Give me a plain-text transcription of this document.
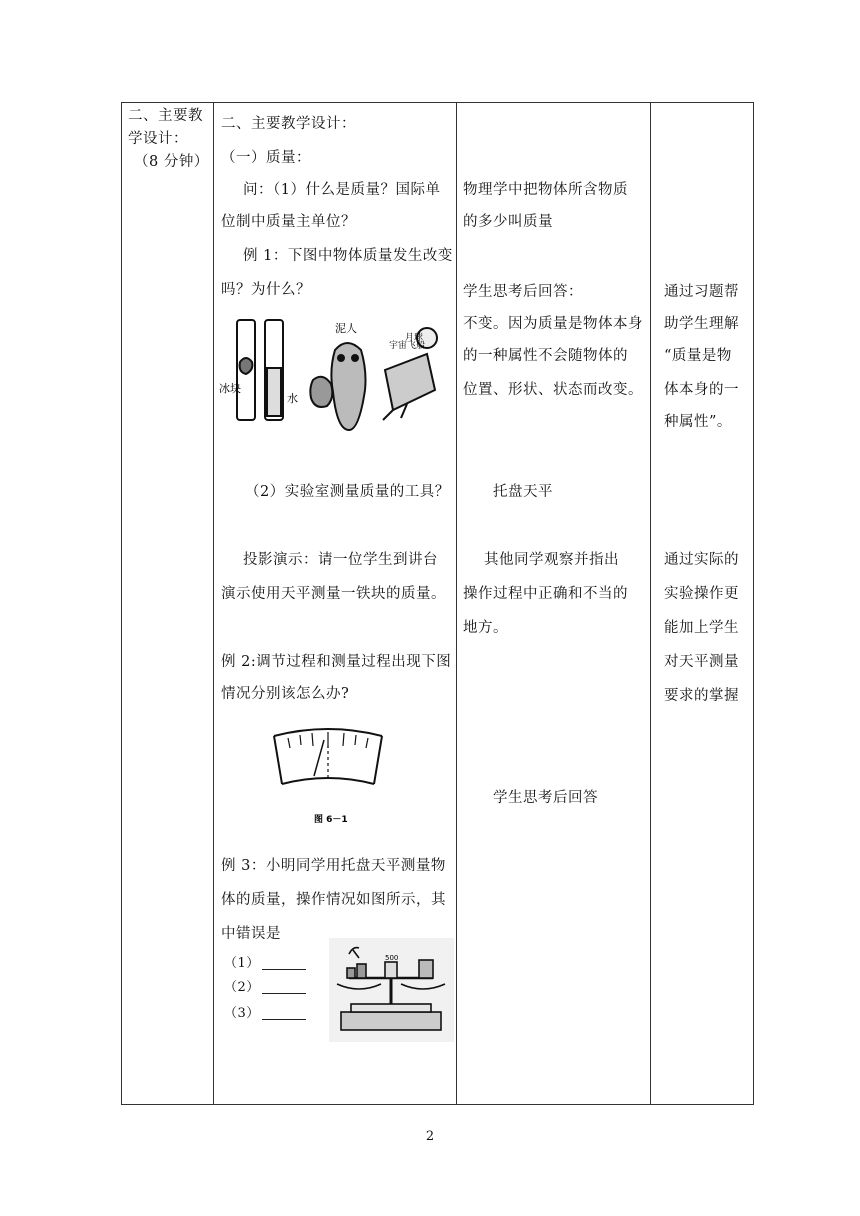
二、主要教
学设计：
（8 分钟）
二、主要教学设计：
（一）质量：
问：（1）什么是质量？国际单
位制中质量主单位？
例 1：下图中物体质量发生改变
吗？为什么？
冰块
水
泥人
宇宙飞船
月球
（2）实验室测量质量的工具？
投影演示：请一位学生到讲台
演示使用天平测量一铁块的质量。
例 2:调节过程和测量过程出现下图
情况分别该怎么办?
图 6－1
例 3：小明同学用托盘天平测量物
体的质量，操作情况如图所示，其
中错误是
（1）
（2）
（3）
500
物理学中把物体所含物质
的多少叫质量
学生思考后回答：
不变。因为质量是物体本身
的一种属性不会随物体的
位置、形状、状态而改变。
托盘天平
其他同学观察并指出
操作过程中正确和不当的
地方。
学生思考后回答
通过习题帮
助学生理解
“质量是物
体本身的一
种属性”。
通过实际的
实验操作更
能加上学生
对天平测量
要求的掌握
2
